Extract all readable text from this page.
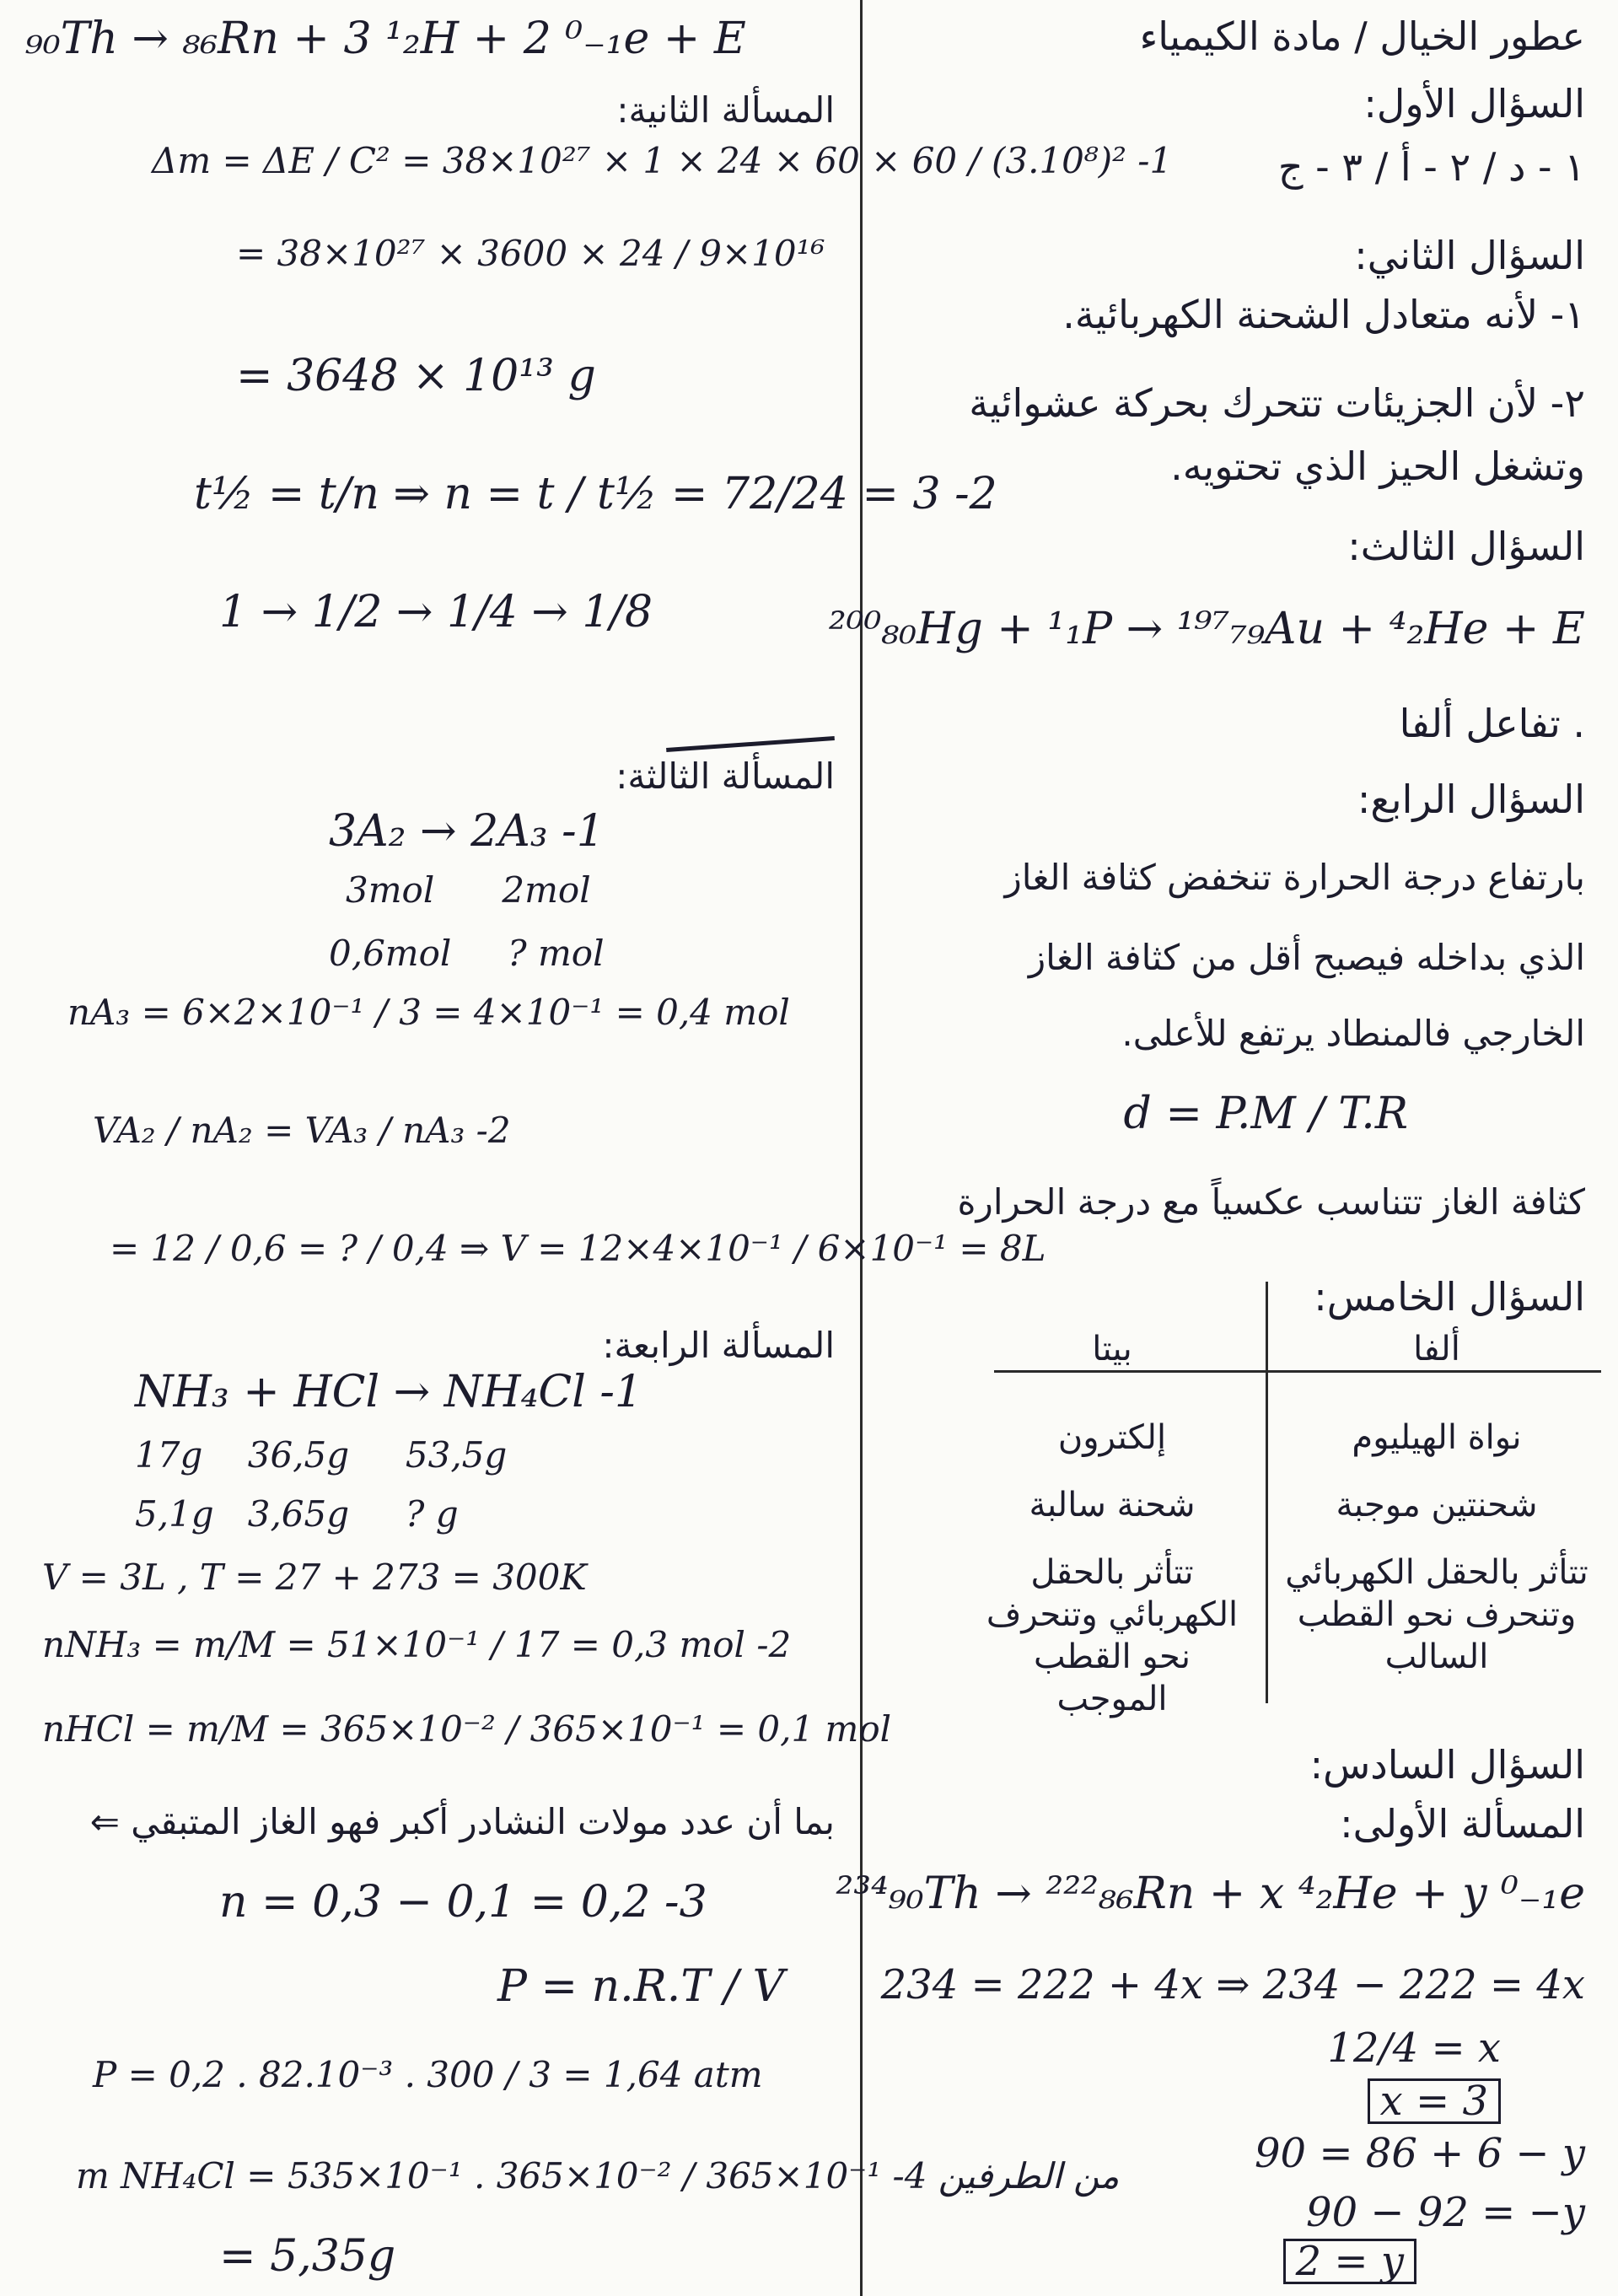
عطور الخيال / مادة الكيمياء
السؤال الأول:
١ - د / ٢ - أ / ٣ - ج
السؤال الثاني:
١- لأنه متعادل الشحنة الكهربائية.
٢- لأن الجزيئات تتحرك بحركة عشوائية
وتشغل الحيز الذي تحتويه.
السؤال الثالث:
²⁰⁰₈₀Hg + ¹₁P → ¹⁹⁷₇₉Au + ⁴₂He + E
. تفاعل ألفا
السؤال الرابع:
بارتفاع درجة الحرارة تنخفض كثافة الغاز
الذي بداخله فيصبح أقل من كثافة الغاز
الخارجي فالمنطاد يرتفع للأعلى.
d = P.M / T.R
كثافة الغاز تتناسب عكسياً مع درجة الحرارة
السؤال الخامس:
ألفا
بيتا
نواة الهيليوم
إلكترون
شحنتين موجبة
شحنة سالبة
تتأثر بالحقل الكهربائي وتنحرف نحو القطب السالب
تتأثر بالحقل الكهربائي وتنحرف نحو القطب الموجب
السؤال السادس:
المسألة الأولى:
²³⁴₉₀Th → ²²²₈₆Rn + x ⁴₂He + y ⁰₋₁e
234 = 222 + 4x ⇒ 234 − 222 = 4x
12/4 = x
x = 3
90 = 86 + 6 − y
90 − 92 = −y
2 = y
₉₀Th → ₈₆Rn + 3 ¹₂H + 2 ⁰₋₁e + E
المسألة الثانية:
Δm = ΔE / C² = 38×10²⁷ × 1 × 24 × 60 × 60 / (3.10⁸)² -1
= 38×10²⁷ × 3600 × 24 / 9×10¹⁶
= 3648 × 10¹³ g
t½ = t/n ⇒ n = t / t½ = 72/24 = 3 -2
1 → 1/2 → 1/4 → 1/8
المسألة الثالثة:
3A₂ → 2A₃ -1
3mol      2mol
0,6mol     ? mol
nA₃ = 6×2×10⁻¹ / 3 = 4×10⁻¹ = 0,4 mol
VA₂ / nA₂ = VA₃ / nA₃ -2
= 12 / 0,6 = ? / 0,4 ⇒ V = 12×4×10⁻¹ / 6×10⁻¹ = 8L
المسألة الرابعة:
NH₃ + HCl → NH₄Cl -1
17g    36,5g     53,5g
5,1g   3,65g     ? g
V = 3L , T = 27 + 273 = 300K
nNH₃ = m/M = 51×10⁻¹ / 17 = 0,3 mol -2
nHCl = m/M = 365×10⁻² / 365×10⁻¹ = 0,1 mol
بما أن عدد مولات النشادر أكبر فهو الغاز المتبقي ⇐
n = 0,3 − 0,1 = 0,2 -3
P = n.R.T / V
P = 0,2 . 82.10⁻³ . 300 / 3 = 1,64 atm
m NH₄Cl = 535×10⁻¹ . 365×10⁻² / 365×10⁻¹ -4 من الطرفين
= 5,35g
